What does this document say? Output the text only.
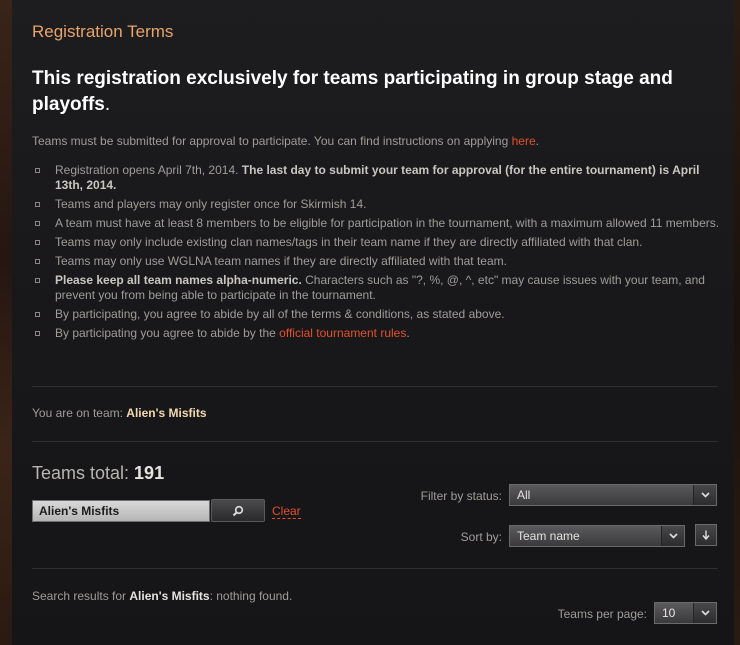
Registration Terms
This registration exclusively for teams participating in group stage and playoffs.
Teams must be submitted for approval to participate. You can find instructions on applying here.
Registration opens April 7th, 2014. The last day to submit your team for approval (for the entire tournament) is April 13th, 2014.
Teams and players may only register once for Skirmish 14.
A team must have at least 8 members to be eligible for participation in the tournament, with a maximum allowed 11 members.
Teams may only include existing clan names/tags in their team name if they are directly affiliated with that clan.
Teams may only use WGLNA team names if they are directly affiliated with that team.
Please keep all team names alpha-numeric. Characters such as "?, %, @, ^, etc" may cause issues with your team, and prevent you from being able to participate in the tournament.
By participating, you agree to abide by all of the terms & conditions, as stated above.
By participating you agree to abide by the official tournament rules.
You are on team: Alien's Misfits
Teams total: 191
Alien's Misfits
Clear
Filter by status:	All
Sort by:	Team name
Search results for Alien's Misfits: nothing found.
Teams per page:	10
